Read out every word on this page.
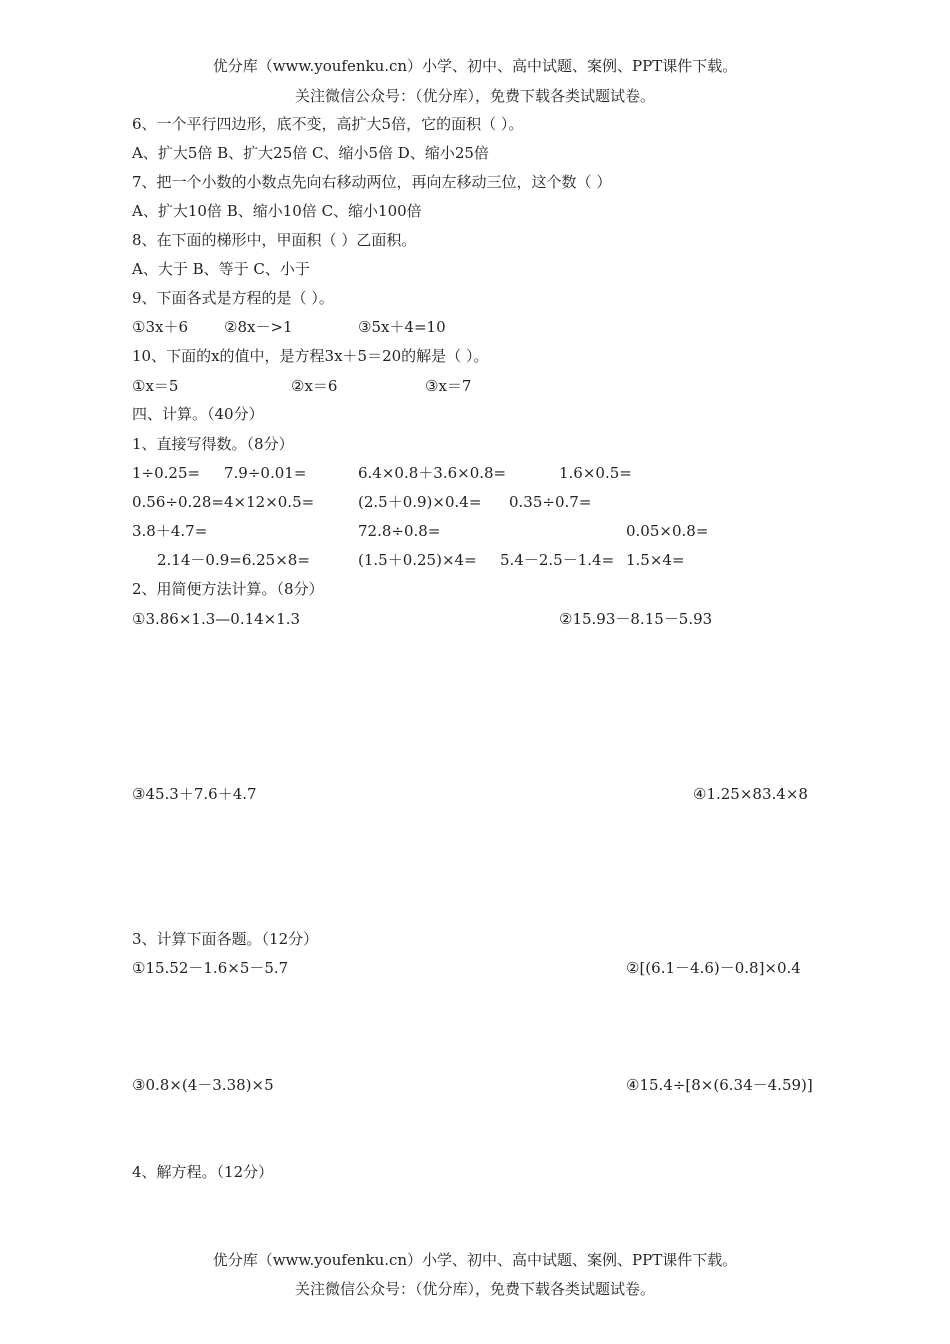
优分库（www.youfenku.cn）小学、初中、高中试题、案例、PPT课件下载。
关注微信公众号：（优分库），免费下载各类试题试卷。
6、一个平行四边形，底不变，高扩大5倍，它的面积（ ）。
A、扩大5倍 B、扩大25倍 C、缩小5倍 D、缩小25倍
7、把一个小数的小数点先向右移动两位，再向左移动三位，这个数（ ）
A、扩大10倍 B、缩小10倍 C、缩小100倍
8、在下面的梯形中，甲面积（ ）乙面积。
A、大于 B、等于 C、小于
9、下面各式是方程的是（ ）。
①3x＋6 ②8x－>1	③5x＋4=10
10、下面的x的值中，是方程3x＋5＝20的解是（ ）。
①x＝5	②x＝6	③x＝7
四、计算。（40分）
1、直接写得数。（8分）
1÷0.25= 7.9÷0.01=	6.4×0.8＋3.6×0.8=	1.6×0.5=
0.56÷0.28= 4×12×0.5=	(2.5＋0.9)×0.4= 0.35÷0.7=
3.8＋4.7=	72.8÷0.8=	0.05×0.8=
2.14－0.9=6.25×8=	(1.5＋0.25)×4= 5.4－2.5－1.4= 1.5×4=
2、用简便方法计算。（8分）
①3.86×1.3—0.14×1.3	②15.93－8.15－5.93
③45.3＋7.6＋4.7	④1.25×83.4×8
3、计算下面各题。（12分）
①15.52－1.6×5－5.7	②[(6.1－4.6)－0.8]×0.4
③0.8×(4－3.38)×5	④15.4÷[8×(6.34－4.59)]
4、解方程。（12分）
优分库（www.youfenku.cn）小学、初中、高中试题、案例、PPT课件下载。
关注微信公众号：（优分库），免费下载各类试题试卷。
